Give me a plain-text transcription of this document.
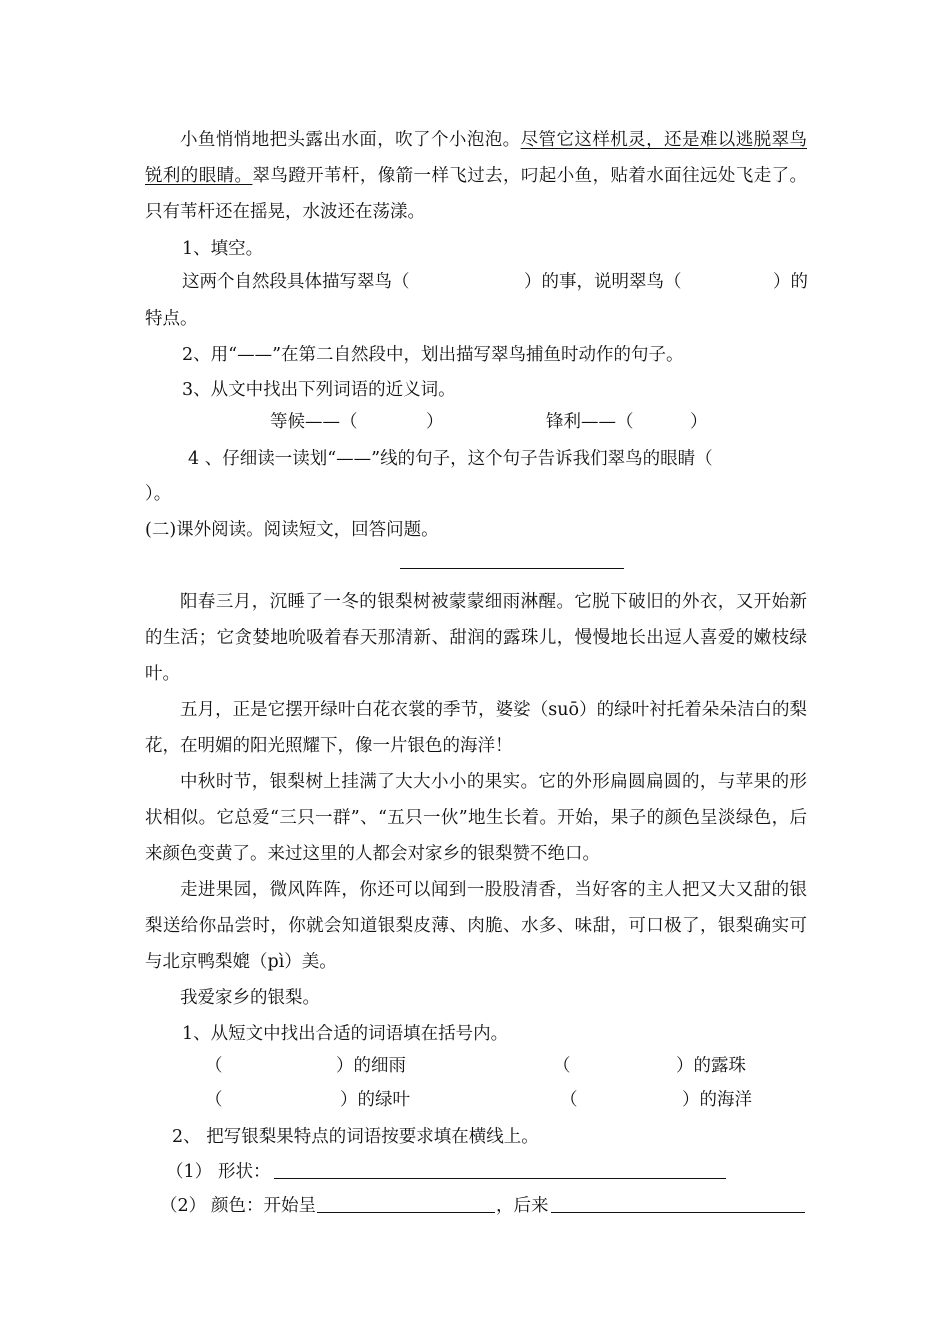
小鱼悄悄地把头露出水面，吹了个小泡泡。尽管它这样机灵，还是难以逃脱翠鸟锐利的眼睛。翠鸟蹬开苇杆，像箭一样飞过去，叼起小鱼，贴着水面往远处飞走了。只有苇杆还在摇晃，水波还在荡漾。

1、填空。
这两个自然段具体描写翠鸟（	）的事，说明翠鸟（	）的
特点。
2、用“——”在第二自然段中，划出描写翠鸟捕鱼时动作的句子。
3、从文中找出下列词语的近义词。
等候——（	）	锋利——（	）
4 、仔细读一读划“——”线的句子，这个句子告诉我们翠鸟的眼睛（
）。
(二)课外阅读。阅读短文，回答问题。

阳春三月，沉睡了一冬的银梨树被蒙蒙细雨淋醒。它脱下破旧的外衣，又开始新的生活；它贪婪地吮吸着春天那清新、甜润的露珠儿，慢慢地长出逗人喜爱的嫩枝绿叶。

五月，正是它摆开绿叶白花衣裳的季节，婆娑（suō）的绿叶衬托着朵朵洁白的梨花，在明媚的阳光照耀下，像一片银色的海洋！

中秋时节，银梨树上挂满了大大小小的果实。它的外形扁圆扁圆的，与苹果的形状相似。它总爱“三只一群”、“五只一伙”地生长着。开始，果子的颜色呈淡绿色，后来颜色变黄了。来过这里的人都会对家乡的银梨赞不绝口。

走进果园，微风阵阵，你还可以闻到一股股清香，当好客的主人把又大又甜的银梨送给你品尝时，你就会知道银梨皮薄、肉脆、水多、味甜，可口极了，银梨确实可与北京鸭梨媲（pì）美。

我爱家乡的银梨。

1、从短文中找出合适的词语填在括号内。
（	）的细雨	（	）的露珠
（	）的绿叶	（	）的海洋
2、 把写银梨果特点的词语按要求填在横线上。
（1） 形状：
（2） 颜色：开始呈	，后来
